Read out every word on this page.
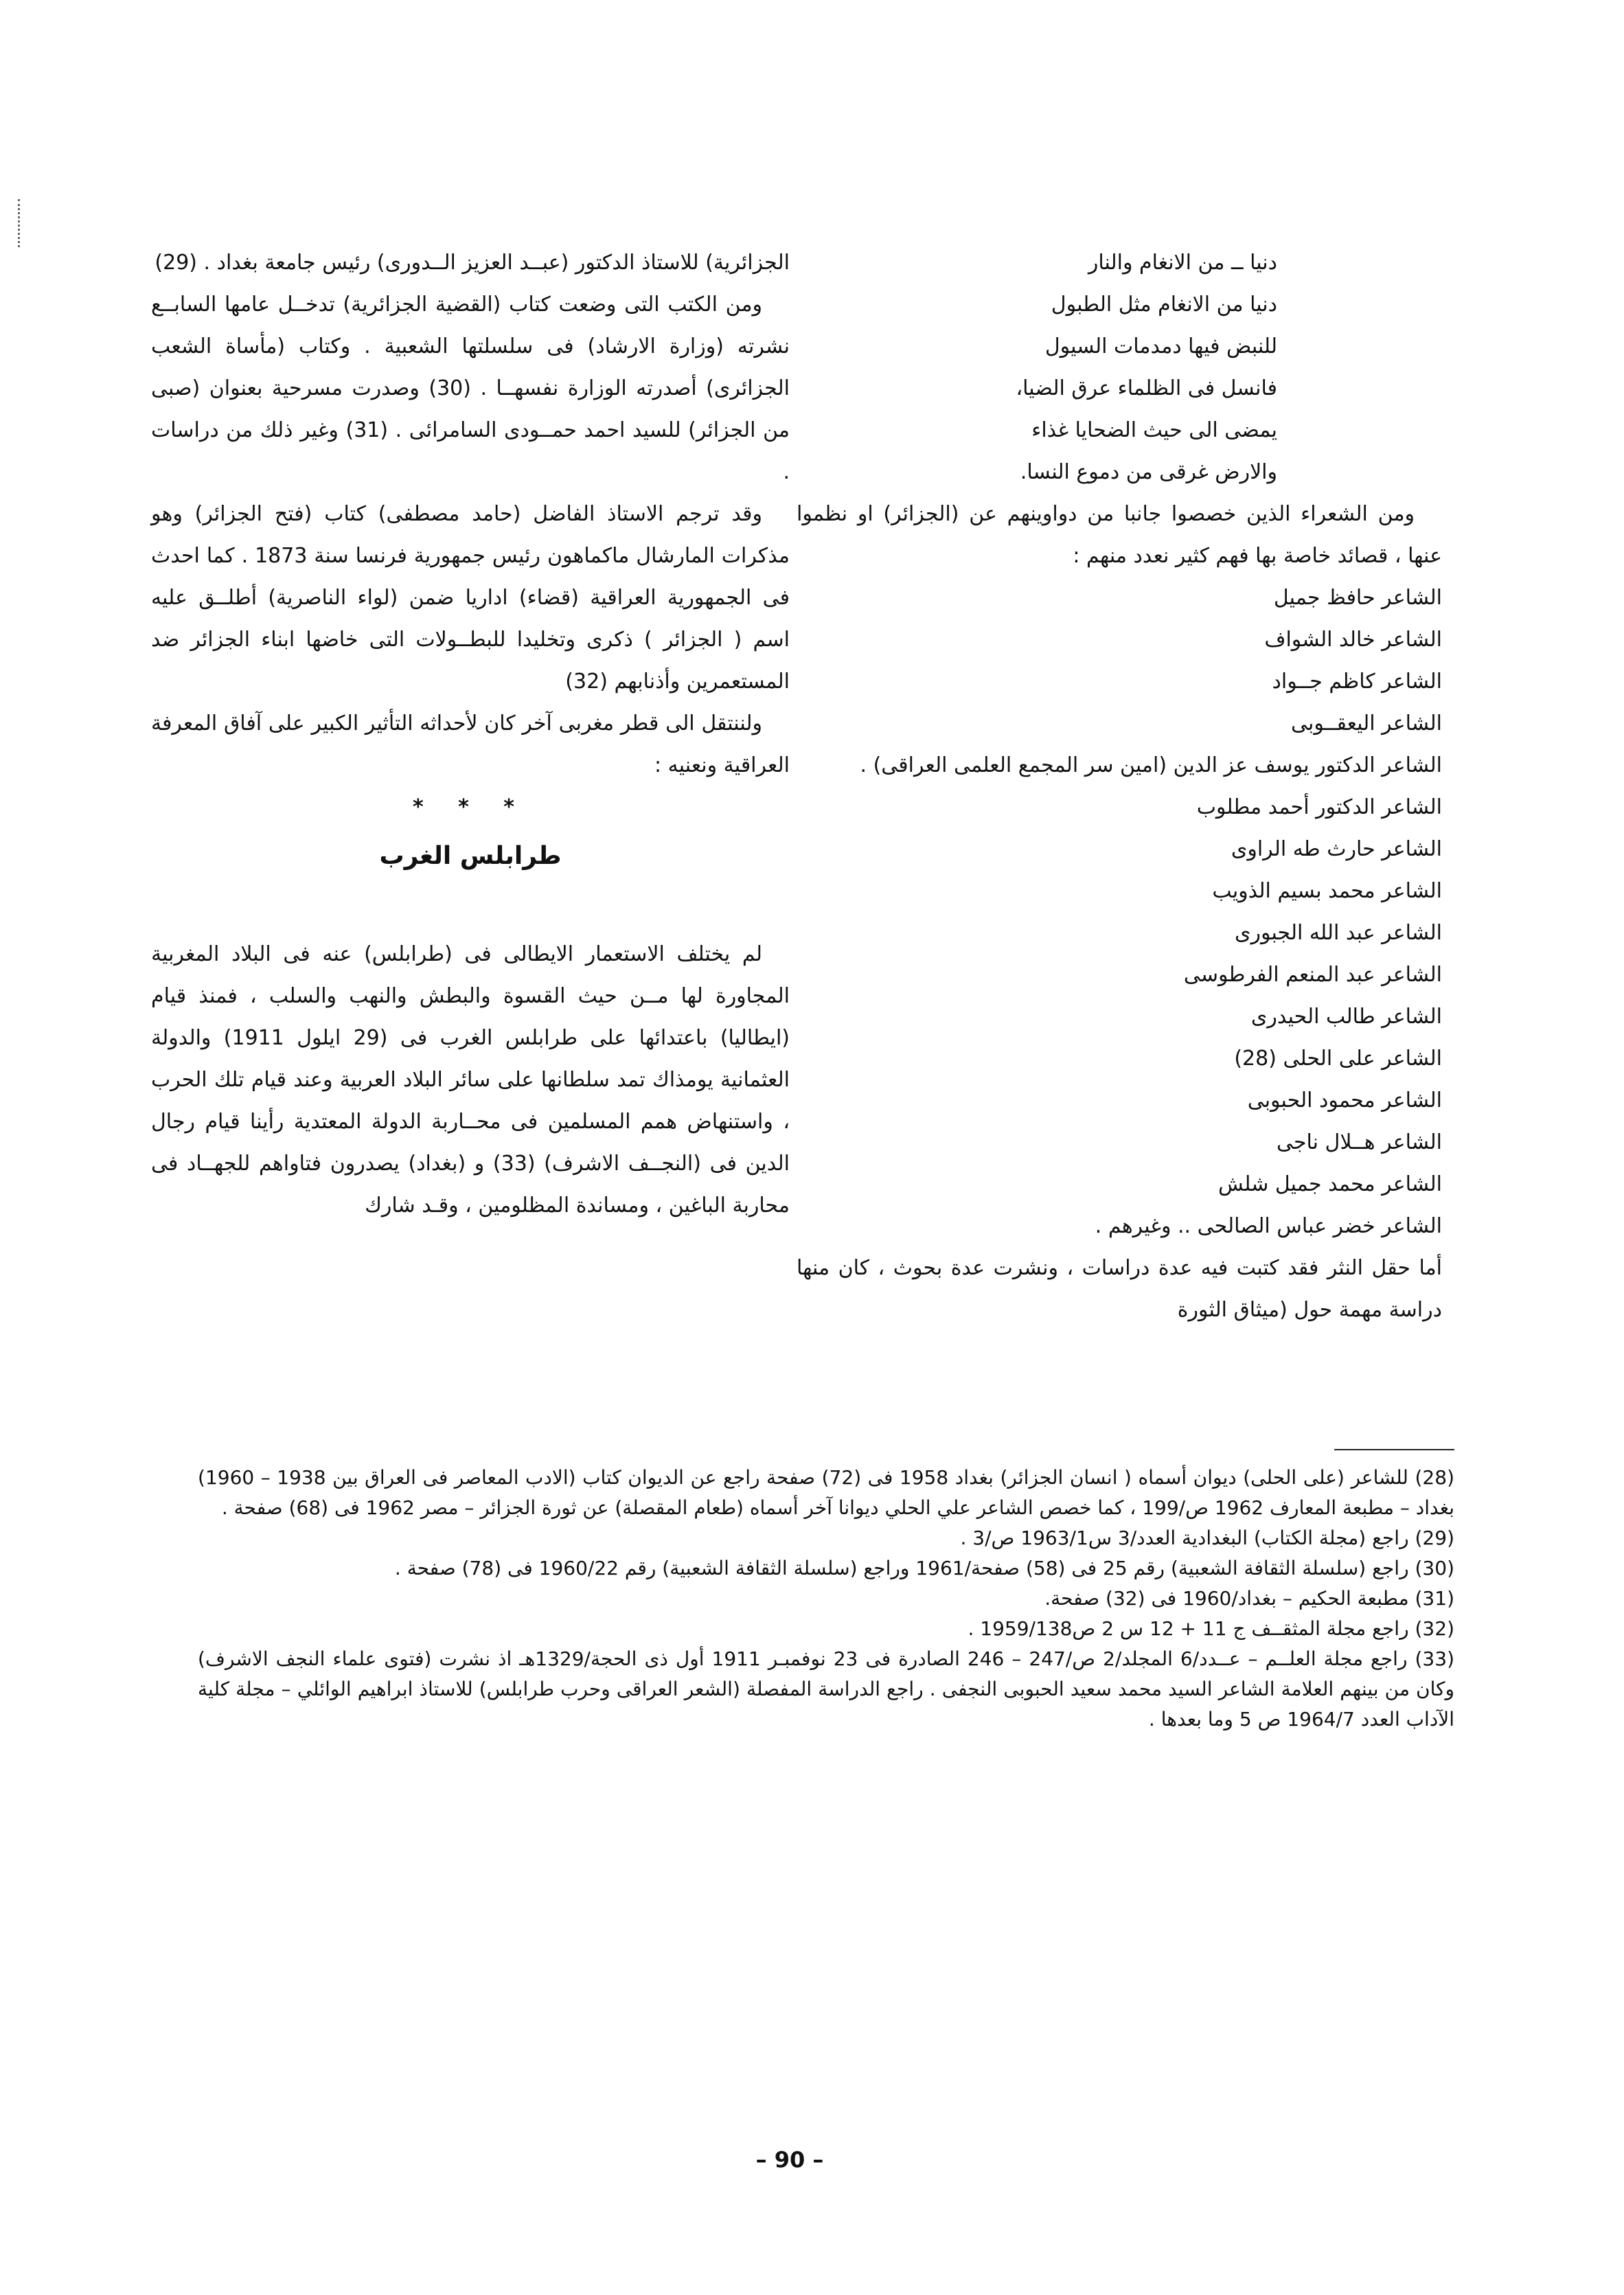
دنيا ــ من الانغام والنار

دنيا من الانغام مثل الطبول

للنبض فيها دمدمات السيول

فانسل فى الظلماء عرق الضيا،

يمضى الى حيث الضحايا غذاء

والارض غرقى من دموع النسا.

ومن الشعراء الذين خصصوا جانبا من دواوينهم عن (الجزائر) او نظموا عنها ، قصائد خاصة بها فهم كثير نعدد منهم :

الشاعر حافظ جميل
الشاعر خالد الشواف
الشاعر كاظم جــواد
الشاعر اليعقــوبى
الشاعر الدكتور يوسف عز الدين (امين سر المجمع العلمى العراقى) .
الشاعر الدكتور أحمد مطلوب
الشاعر حارث طه الراوى
الشاعر محمد بسيم الذويب
الشاعر عبد الله الجبورى
الشاعر عبد المنعم الفرطوسى
الشاعر طالب الحيدرى
الشاعر على الحلى (28)
الشاعر محمود الحبوبى
الشاعر هــلال ناجى
الشاعر محمد جميل شلش
الشاعر خضر عباس الصالحى .. وغيرهم .

أما حقل النثر فقد كتبت فيه عدة دراسات ، ونشرت عدة بحوث ، كان منها دراسة مهمة حول (ميثاق الثورة

الجزائرية) للاستاذ الدكتور (عبــد العزيز الــدورى) رئيس جامعة بغداد . (29)

ومن الكتب التى وضعت كتاب (القضية الجزائرية) تدخــل عامها السابــع نشرته (وزارة الارشاد) فى سلسلتها الشعبية . وكتاب (مأساة الشعب الجزائرى) أصدرته الوزارة نفسهــا . (30) وصدرت مسرحية بعنوان (صبى من الجزائر) للسيد احمد حمــودى السامرائى . (31) وغير ذلك من دراسات .

وقد ترجم الاستاذ الفاضل (حامد مصطفى) كتاب (فتح الجزائر) وهو مذكرات المارشال ماكماهون رئيس جمهورية فرنسا سنة 1873 . كما احدث فى الجمهورية العراقية (قضاء) اداريا ضمن (لواء الناصرية) أطلــق عليه اسم ( الجزائر ) ذكرى وتخليدا للبطــولات التى خاضها ابناء الجزائر ضد المستعمرين وأذنابهم (32)

ولننتقل الى قطر مغربى آخر كان لأحداثه التأثير الكبير على آفاق المعرفة العراقية ونعنيه :

* * *

طرابلس الغرب

لم يختلف الاستعمار الايطالى فى (طرابلس) عنه فى البلاد المغربية المجاورة لها مــن حيث القسوة والبطش والنهب والسلب ، فمنذ قيام (ايطاليا) باعتدائها على طرابلس الغرب فى (29 ايلول 1911) والدولة العثمانية يومذاك تمد سلطانها على سائر البلاد العربية وعند قيام تلك الحرب ، واستنهاض همم المسلمين فى محــاربة الدولة المعتدية رأينا قيام رجال الدين فى (النجــف الاشرف) (33) و (بغداد) يصدرون فتاواهم للجهــاد فى محاربة الباغين ، ومساندة المظلومين ، وقـد شارك

(28) للشاعر (على الحلى) ديوان أسماه ( انسان الجزائر) بغداد 1958 فى (72) صفحة راجع عن الديوان كتاب (الادب المعاصر فى العراق بين 1938 – 1960) بغداد – مطبعة المعارف 1962 ص/199 ، كما خصص الشاعر علي الحلي ديوانا آخر أسماه (طعام المقصلة) عن ثورة الجزائر – مصر 1962 فى (68) صفحة .

(29) راجع (مجلة الكتاب) البغدادية العدد/3 س1963/1 ص/3 .

(30) راجع (سلسلة الثقافة الشعبية) رقم 25 فى (58) صفحة/1961 وراجع (سلسلة الثقافة الشعبية) رقم 1960/22 فى (78) صفحة .

(31) مطبعة الحكيم – بغداد/1960 فى (32) صفحة.

(32) راجع مجلة المثقــف ج 11 + 12 س 2 ص1959/138 .

(33) راجع مجلة العلــم – عــدد/6 المجلد/2 ص/247 – 246 الصادرة فى 23 نوفمبـر 1911 أول ذى الحجة/1329هـ اذ نشرت (فتوى علماء النجف الاشرف) وكان من بينهم العلامة الشاعر السيد محمد سعيد الحبوبى النجفى . راجع الدراسة المفصلة (الشعر العراقى وحرب طرابلس) للاستاذ ابراهيم الوائلي – مجلة كلية الآداب العدد 1964/7 ص 5 وما بعدها .

– 90 –
